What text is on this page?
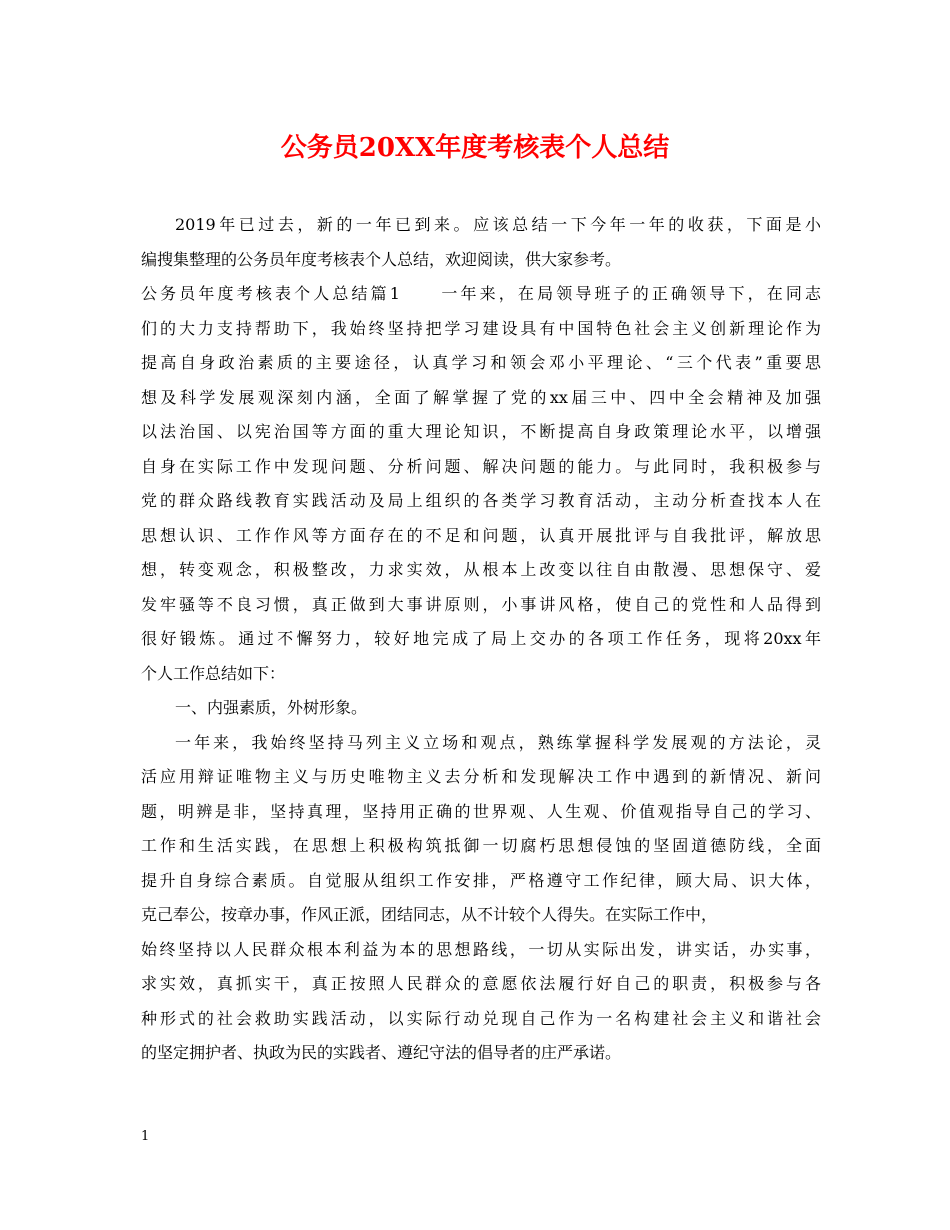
公务员20XX年度考核表个人总结
2019年已过去，新的一年已到来。应该总结一下今年一年的收获，下面是小
编搜集整理的公务员年度考核表个人总结，欢迎阅读，供大家参考。
公务员年度考核表个人总结篇1　　一年来，在局领导班子的正确领导下，在同志
们的大力支持帮助下，我始终坚持把学习建设具有中国特色社会主义创新理论作为
提高自身政治素质的主要途径，认真学习和领会邓小平理论、“三个代表”重要思
想及科学发展观深刻内涵，全面了解掌握了党的xx届三中、四中全会精神及加强
以法治国、以宪治国等方面的重大理论知识，不断提高自身政策理论水平，以增强
自身在实际工作中发现问题、分析问题、解决问题的能力。与此同时，我积极参与
党的群众路线教育实践活动及局上组织的各类学习教育活动，主动分析查找本人在
思想认识、工作作风等方面存在的不足和问题，认真开展批评与自我批评，解放思
想，转变观念，积极整改，力求实效，从根本上改变以往自由散漫、思想保守、爱
发牢骚等不良习惯，真正做到大事讲原则，小事讲风格，使自己的党性和人品得到
很好锻炼。通过不懈努力，较好地完成了局上交办的各项工作任务，现将20xx年
个人工作总结如下：
一、内强素质，外树形象。
一年来，我始终坚持马列主义立场和观点，熟练掌握科学发展观的方法论，灵
活应用辩证唯物主义与历史唯物主义去分析和发现解决工作中遇到的新情况、新问
题，明辨是非，坚持真理，坚持用正确的世界观、人生观、价值观指导自己的学习、
工作和生活实践，在思想上积极构筑抵御一切腐朽思想侵蚀的坚固道德防线，全面
提升自身综合素质。自觉服从组织工作安排，严格遵守工作纪律，顾大局、识大体，
克己奉公，按章办事，作风正派，团结同志，从不计较个人得失。在实际工作中，
始终坚持以人民群众根本利益为本的思想路线，一切从实际出发，讲实话，办实事，
求实效，真抓实干，真正按照人民群众的意愿依法履行好自己的职责，积极参与各
种形式的社会救助实践活动，以实际行动兑现自己作为一名构建社会主义和谐社会
的坚定拥护者、执政为民的实践者、遵纪守法的倡导者的庄严承诺。
1
